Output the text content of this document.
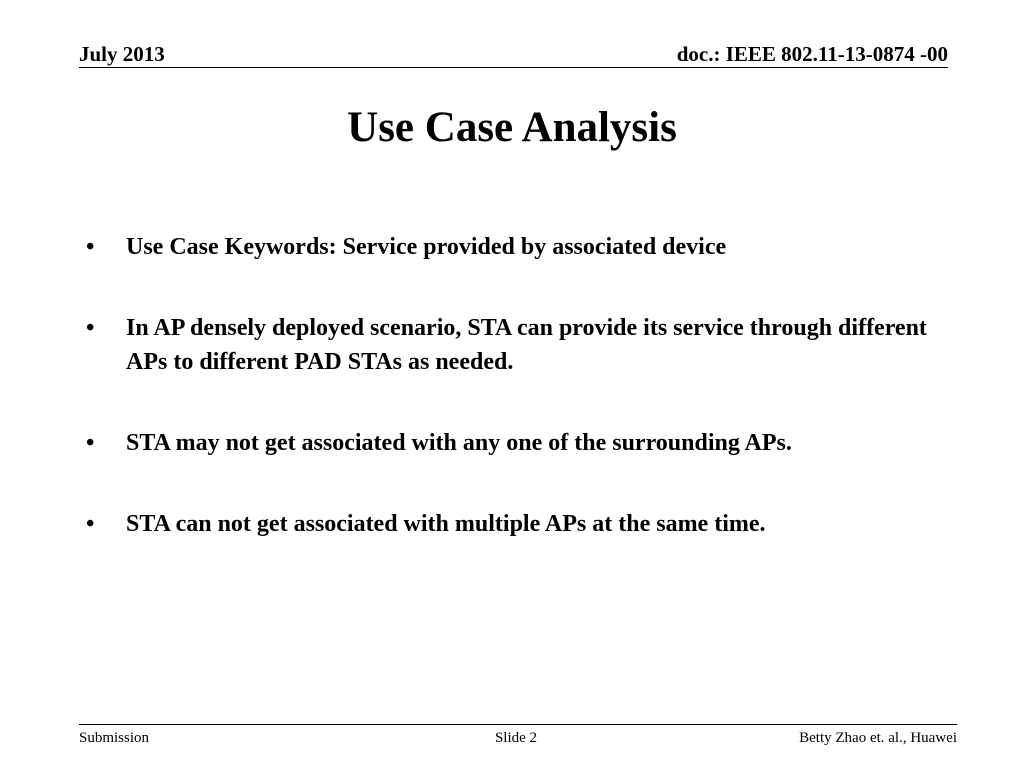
July 2013	doc.: IEEE 802.11-13-0874 -00
Use Case Analysis
•	Use Case Keywords: Service provided by associated device
•	In AP densely deployed scenario, STA can provide its service through different APs to different PAD STAs as needed.
•	STA may not get associated with any one of the surrounding APs.
•	STA can not get associated with multiple APs at the same time.
Submission	Slide 2	Betty Zhao et. al., Huawei
